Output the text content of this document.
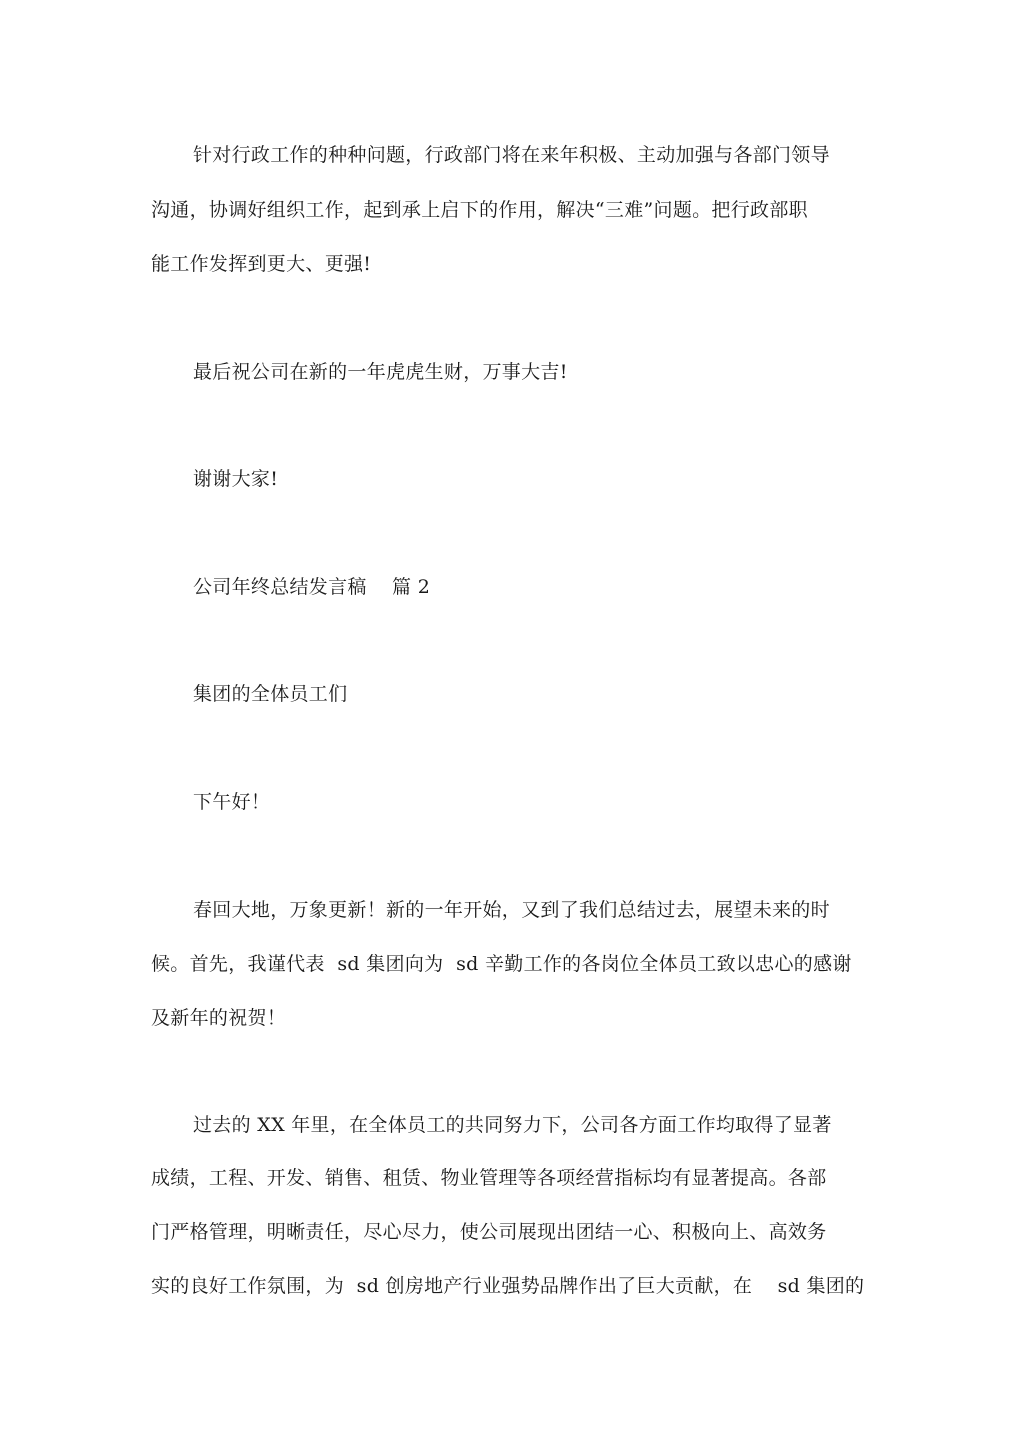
针对行政工作的种种问题，行政部门将在来年积极、主动加强与各部门领导

沟通，协调好组织工作，起到承上启下的作用，解决“三难”问题。把行政部职

能工作发挥到更大、更强!

最后祝公司在新的一年虎虎生财，万事大吉!

谢谢大家!

公司年终总结发言稿    篇 2

集团的全体员工们

下午好！

春回大地，万象更新！新的一年开始，又到了我们总结过去，展望未来的时

候。首先，我谨代表  sd 集团向为  sd 辛勤工作的各岗位全体员工致以忠心的感谢

及新年的祝贺！

过去的 XX 年里，在全体员工的共同努力下，公司各方面工作均取得了显著

成绩，工程、开发、销售、租赁、物业管理等各项经营指标均有显著提高。各部

门严格管理，明晰责任，尽心尽力，使公司展现出团结一心、积极向上、高效务

实的良好工作氛围，为  sd 创房地产行业强势品牌作出了巨大贡献，在    sd 集团的
